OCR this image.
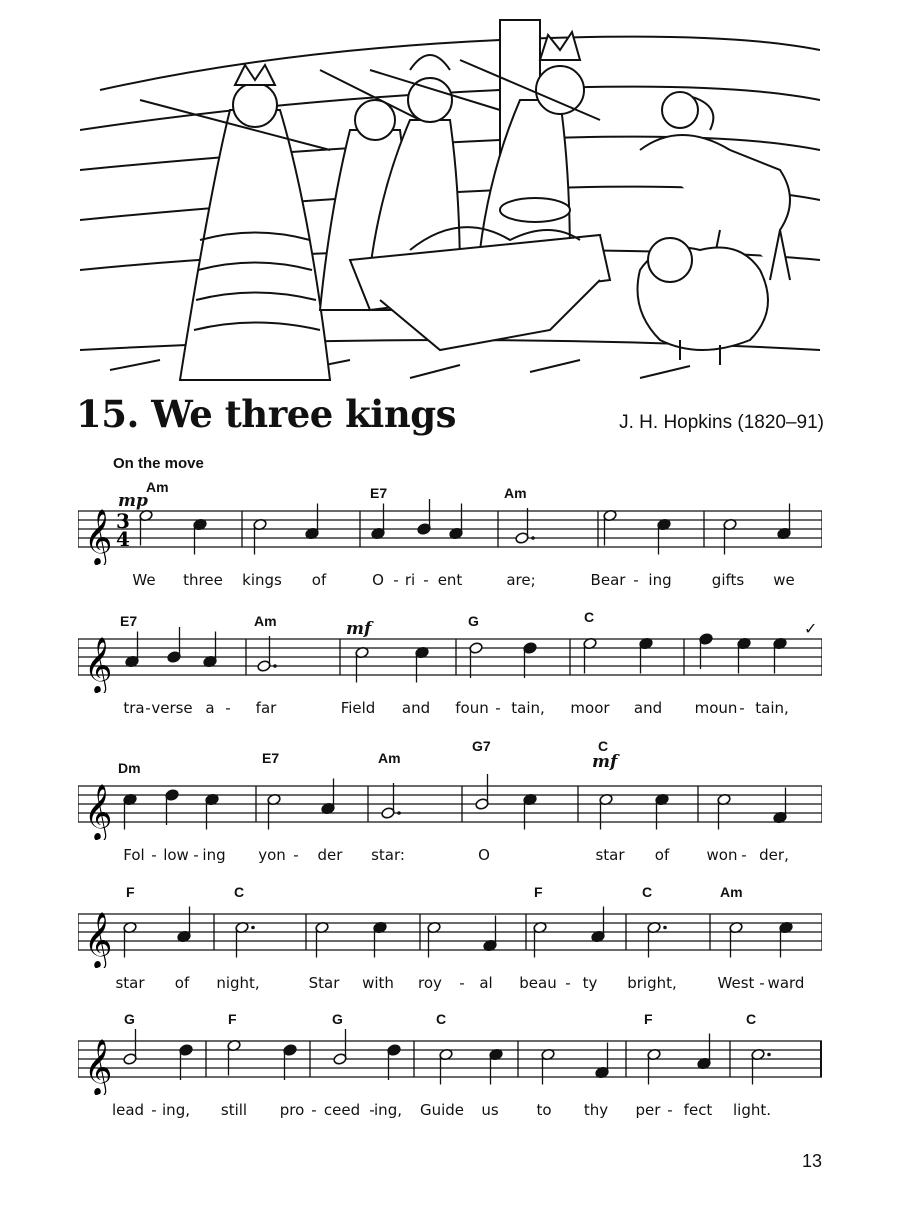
15. We three kings	J. H. Hopkins (1820–91)
On the move
𝄞 3
4
Am	E7	Am
mp
We three kings of	O - ri - ent	are;	Bear - ing	gifts we
𝄞
E7	Am	G	C
mf	✓
tra - verse a - far	Field and foun - tain, moor and moun - tain,
𝄞
Dm
E7	Am
G7	C
mf
Fol - low - ing yon - der star:	O	star of won - der,
𝄞
F	C	F	C	Am
star of night,	Star with roy - al beau - ty bright,	West - ward
𝄞
G	F	G	C	F	C
lead - ing, still pro - ceed - ing, Guide us	to thy per - fect light.
13
